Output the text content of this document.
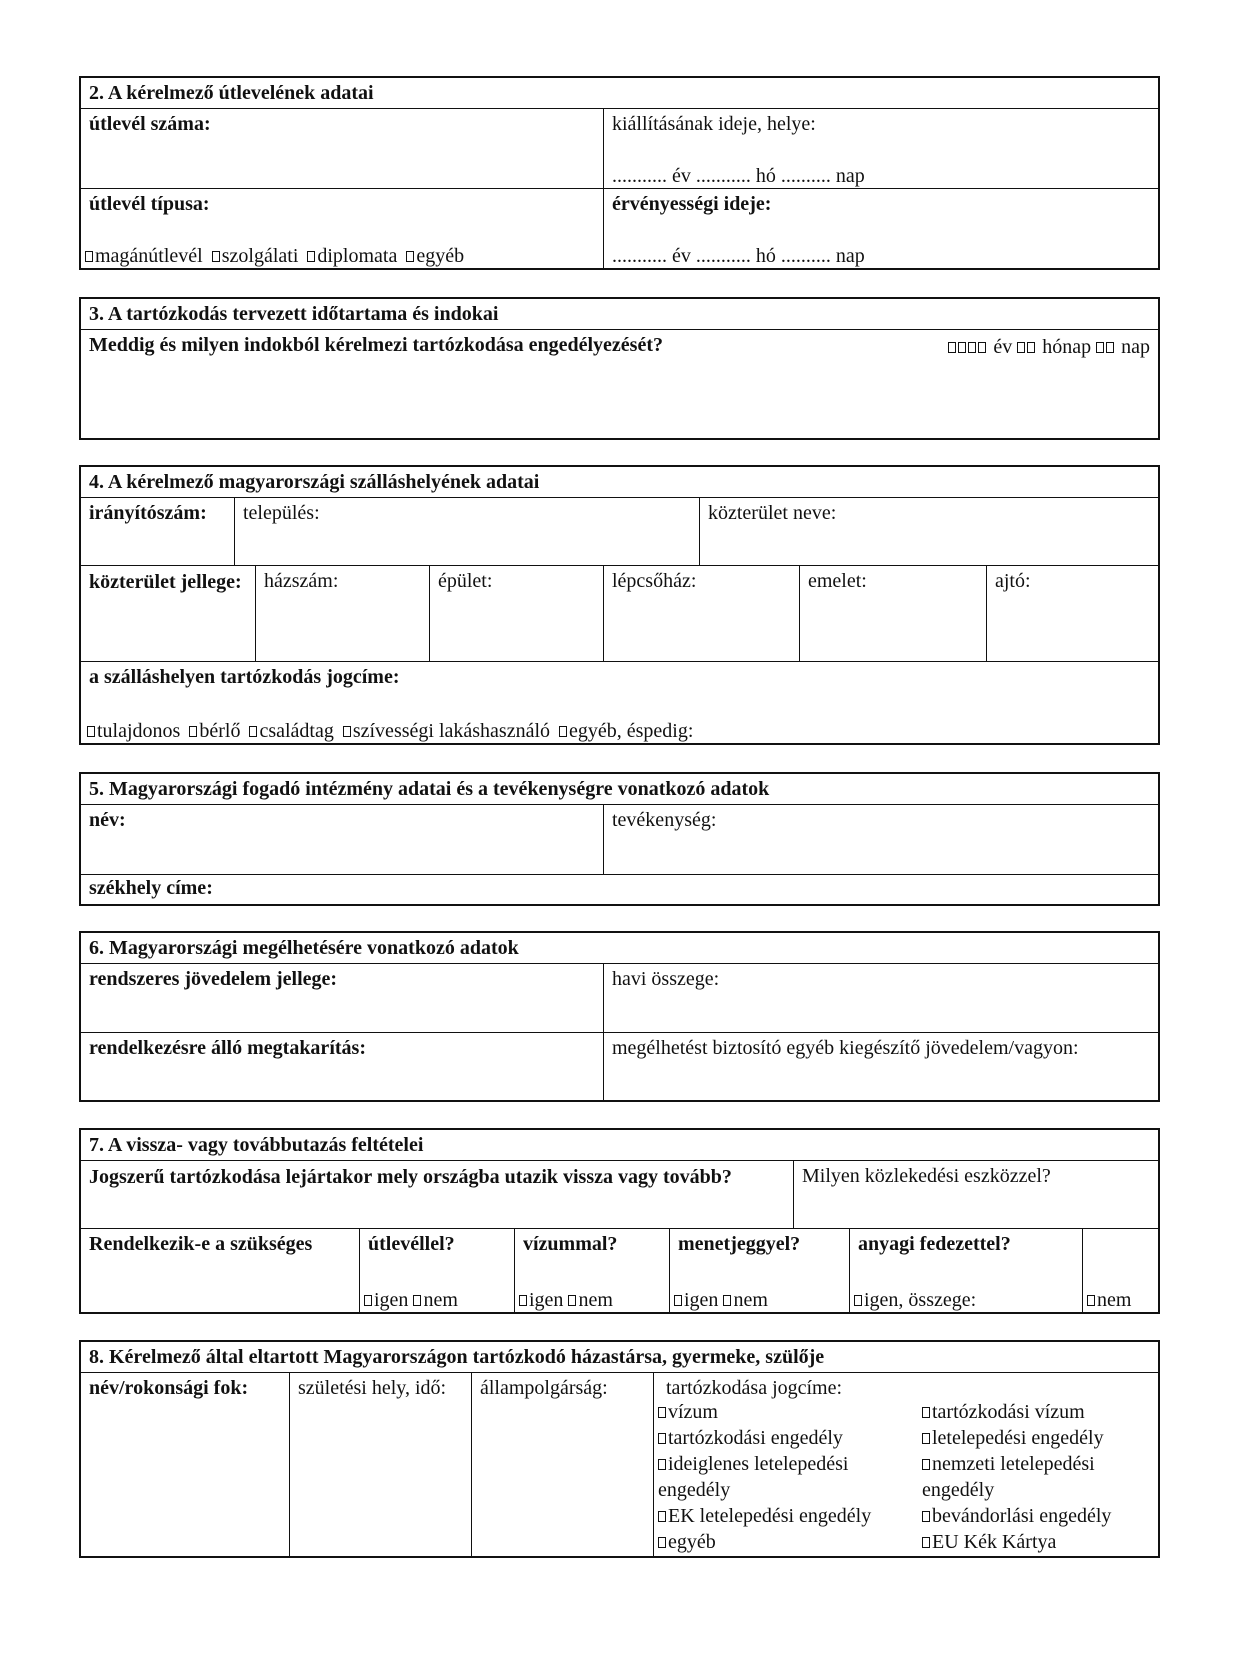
2. A kérelmező útlevelének adatai
útlevél száma:	kiállításának ideje, helye:
........... év ........... hó .......... nap
útlevél típusa:
magánútlevél szolgálati diplomata egyéb
érvényességi ideje:
........... év ........... hó .......... nap
3. A tartózkodás tervezett időtartama és indokai
Meddig és milyen indokból kérelmezi tartózkodása engedélyezését?	év hónap nap
4. A kérelmező magyarországi szálláshelyének adatai
irányítószám:	település:	közterület neve:
közterület jellege:	házszám:	épület:	lépcsőház:	emelet:	ajtó:
a szálláshelyen tartózkodás jogcíme:
tulajdonos bérlő családtag szívességi lakáshasználó egyéb, éspedig:
5. Magyarországi fogadó intézmény adatai és a tevékenységre vonatkozó adatok
név:	tevékenység:
székhely címe:
6. Magyarországi megélhetésére vonatkozó adatok
rendszeres jövedelem jellege:	havi összege:
rendelkezésre álló megtakarítás:	megélhetést biztosító egyéb kiegészítő jövedelem/vagyon:
7. A vissza- vagy továbbutazás feltételei
Jogszerű tartózkodása lejártakor mely országba utazik vissza vagy tovább?	Milyen közlekedési eszközzel?
Rendelkezik-e a szükséges	útlevéllel?
igen nem
vízummal?
igen nem
menetjeggyel?
igen nem
anyagi fedezettel?
igen, összege:	nem
8. Kérelmező által eltartott Magyarországon tartózkodó házastársa, gyermeke, szülője
név/rokonsági fok:	születési hely, idő:	állampolgárság:	tartózkodása jogcíme:
vízum
tartózkodási engedély
ideiglenes letelepedési engedély
EK letelepedési engedély
egyéb
tartózkodási vízum
letelepedési engedély
nemzeti letelepedési engedély
bevándorlási engedély
EU Kék Kártya
